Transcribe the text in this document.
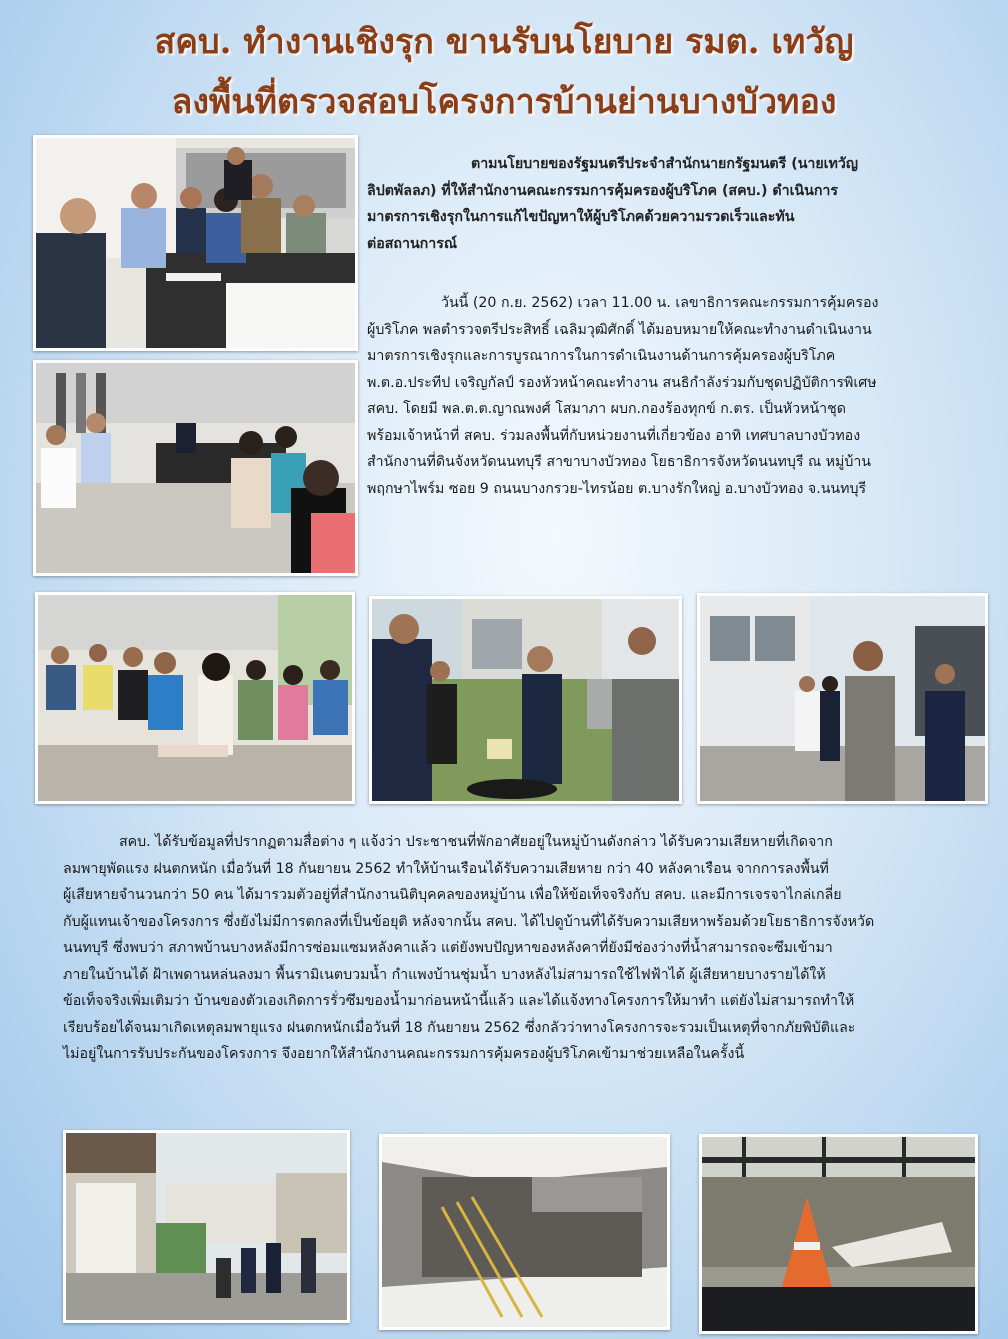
สคบ. ทำงานเชิงรุก ขานรับนโยบาย รมต. เทวัญ
ลงพื้นที่ตรวจสอบโครงการบ้านย่านบางบัวทอง
ตามนโยบายของรัฐมนตรีประจำสำนักนายกรัฐมนตรี (นายเทวัญ
ลิปตพัลลภ) ที่ให้สำนักงานคณะกรรมการคุ้มครองผู้บริโภค (สคบ.) ดำเนินการ
มาตรการเชิงรุกในการแก้ไขปัญหาให้ผู้บริโภคด้วยความรวดเร็วและทัน
ต่อสถานการณ์
วันนี้ (20 ก.ย. 2562) เวลา 11.00 น. เลขาธิการคณะกรรมการคุ้มครอง
ผู้บริโภค พลตำรวจตรีประสิทธิ์ เฉลิมวุฒิศักดิ์ ได้มอบหมายให้คณะทำงานดำเนินงาน
มาตรการเชิงรุกและการบูรณาการในการดำเนินงานด้านการคุ้มครองผู้บริโภค
พ.ต.อ.ประทีป เจริญกัลป์ รองหัวหน้าคณะทำงาน สนธิกำลังร่วมกับชุดปฏิบัติการพิเศษ
สคบ. โดยมี พล.ต.ต.ญาณพงศ์ โสมาภา ผบก.กองร้องทุกข์ ก.ตร. เป็นหัวหน้าชุด
พร้อมเจ้าหน้าที่ สคบ. ร่วมลงพื้นที่กับหน่วยงานที่เกี่ยวข้อง อาทิ เทศบาลบางบัวทอง
สำนักงานที่ดินจังหวัดนนทบุรี สาขาบางบัวทอง โยธาธิการจังหวัดนนทบุรี ณ หมู่บ้าน
พฤกษาไพร์ม ซอย 9 ถนนบางกรวย-ไทรน้อย ต.บางรักใหญ่ อ.บางบัวทอง จ.นนทบุรี
สคบ. ได้รับข้อมูลที่ปรากฏตามสื่อต่าง ๆ แจ้งว่า ประชาชนที่พักอาศัยอยู่ในหมู่บ้านดังกล่าว ได้รับความเสียหายที่เกิดจาก
ลมพายุพัดแรง ฝนตกหนัก เมื่อวันที่ 18 กันยายน 2562 ทำให้บ้านเรือนได้รับความเสียหาย กว่า 40 หลังคาเรือน จากการลงพื้นที่
ผู้เสียหายจำนวนกว่า 50 คน ได้มารวมตัวอยู่ที่สำนักงานนิติบุคคลของหมู่บ้าน เพื่อให้ข้อเท็จจริงกับ สคบ. และมีการเจรจาไกล่เกลี่ย
กับผู้แทนเจ้าของโครงการ ซึ่งยังไม่มีการตกลงที่เป็นข้อยุติ หลังจากนั้น สคบ. ได้ไปดูบ้านที่ได้รับความเสียหาพร้อมด้วยโยธาธิการจังหวัด
นนทบุรี ซึ่งพบว่า สภาพบ้านบางหลังมีการซ่อมแซมหลังคาแล้ว แต่ยังพบปัญหาของหลังคาที่ยังมีช่องว่างที่น้ำสามารถจะซึมเข้ามา
ภายในบ้านได้ ฝ้าเพดานหล่นลงมา พื้นรามิเนตบวมน้ำ กำแพงบ้านชุ่มน้ำ บางหลังไม่สามารถใช้ไฟฟ้าได้ ผู้เสียหายบางรายได้ให้
ข้อเท็จจริงเพิ่มเติมว่า บ้านของตัวเองเกิดการรั่วซึมของน้ำมาก่อนหน้านี้แล้ว และได้แจ้งทางโครงการให้มาทำ แต่ยังไม่สามารถทำให้
เรียบร้อยได้จนมาเกิดเหตุลมพายุแรง ฝนตกหนักเมื่อวันที่ 18 กันยายน 2562 ซึ่งกลัวว่าทางโครงการจะรวมเป็นเหตุที่จากภัยพิบัติและ
ไม่อยู่ในการรับประกันของโครงการ จึงอยากให้สำนักงานคณะกรรมการคุ้มครองผู้บริโภคเข้ามาช่วยเหลือในครั้งนี้
